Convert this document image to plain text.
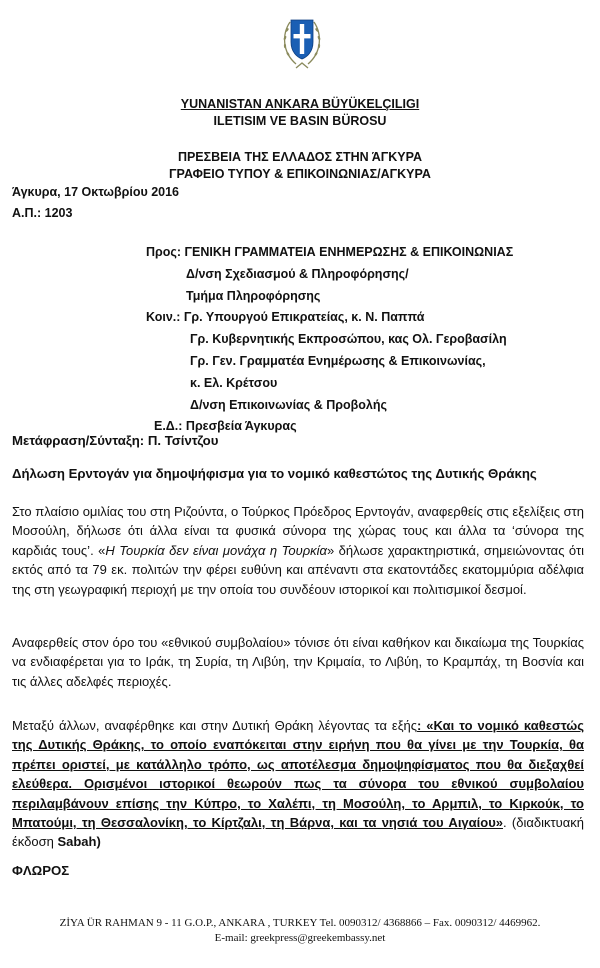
YUNANISTAN ANKARA BÜYÜKELÇILIGI
ILETISIM VE BASIN BÜROSU
ΠΡΕΣΒΕΙΑ ΤΗΣ ΕΛΛΑΔΟΣ ΣΤΗΝ ΆΓΚΥΡΑ
ΓΡΑΦΕΙΟ ΤΥΠΟΥ & ΕΠΙΚΟΙΝΩΝΙΑΣ/ΑΓΚΥΡΑ
Άγκυρα, 17 Οκτωβρίου 2016
Α.Π.: 1203
Προς: ΓΕΝΙΚΗ ΓΡΑΜΜΑΤΕΙΑ ΕΝΗΜΕΡΩΣΗΣ & ΕΠΙΚΟΙΝΩΝΙΑΣ
Δ/νση Σχεδιασμού & Πληροφόρησης/
Τμήμα Πληροφόρησης
Κοιν.: Γρ. Υπουργού Επικρατείας, κ. Ν. Παππά
Γρ. Κυβερνητικής Εκπροσώπου, κας Ολ. Γεροβασίλη
Γρ. Γεν. Γραμματέα Ενημέρωσης & Επικοινωνίας,
κ. Ελ. Κρέτσου
Δ/νση Επικοινωνίας & Προβολής
Ε.Δ.: Πρεσβεία Άγκυρας
Μετάφραση/Σύνταξη: Π. Τσίντζου
Δήλωση Ερντογάν για δημοψήφισμα για το νομικό καθεστώτος της Δυτικής Θράκης
Στο πλαίσιο ομιλίας του στη Ριζούντα, ο Τούρκος Πρόεδρος Ερντογάν, αναφερθείς στις εξελίξεις στη Μοσούλη, δήλωσε ότι άλλα είναι τα φυσικά σύνορα της χώρας τους και άλλα τα ‘σύνορα της καρδιάς τους’. «Η Τουρκία δεν είναι μονάχα η Τουρκία» δήλωσε χαρακτηριστικά, σημειώνοντας ότι εκτός από τα 79 εκ. πολιτών την φέρει ευθύνη και απέναντι στα εκατοντάδες εκατομμύρια αδέλφια της στη γεωγραφική περιοχή με την οποία του συνδέουν ιστορικοί και πολιτισμικοί δεσμοί.
Αναφερθείς στον όρο του «εθνικού συμβολαίου» τόνισε ότι είναι καθήκον και δικαίωμα της Τουρκίας να ενδιαφέρεται για το Ιράκ, τη Συρία, τη Λιβύη, την Κριμαία, το Λιβύη, το Κραμπάχ, τη Βοσνία και τις άλλες αδελφές περιοχές.
Μεταξύ άλλων, αναφέρθηκε και στην Δυτική Θράκη λέγοντας τα εξής: «Και το νομικό καθεστώς της Δυτικής Θράκης, το οποίο εναπόκειται στην ειρήνη που θα γίνει με την Τουρκία, θα πρέπει οριστεί, με κατάλληλο τρόπο, ως αποτέλεσμα δημοψηφίσματος που θα διεξαχθεί ελεύθερα. Ορισμένοι ιστορικοί θεωρούν πως τα σύνορα του εθνικού συμβολαίου περιλαμβάνουν επίσης την Κύπρο, το Χαλέπι, τη Μοσούλη, το Αρμπιλ, το Κιρκούκ, το Μπατούμι, τη Θεσσαλονίκη, το Κίρτζαλι, τη Βάρνα, και τα νησιά του Αιγαίου». (διαδικτυακή έκδοση Sabah)
ΦΛΩΡΟΣ
ZİYA ÜR RAHMAN 9 - 11 G.O.P., ANKARA , TURKEY Tel. 0090312/ 4368866 – Fax. 0090312/ 4469962.
E-mail: greekpress@greekembassy.net
